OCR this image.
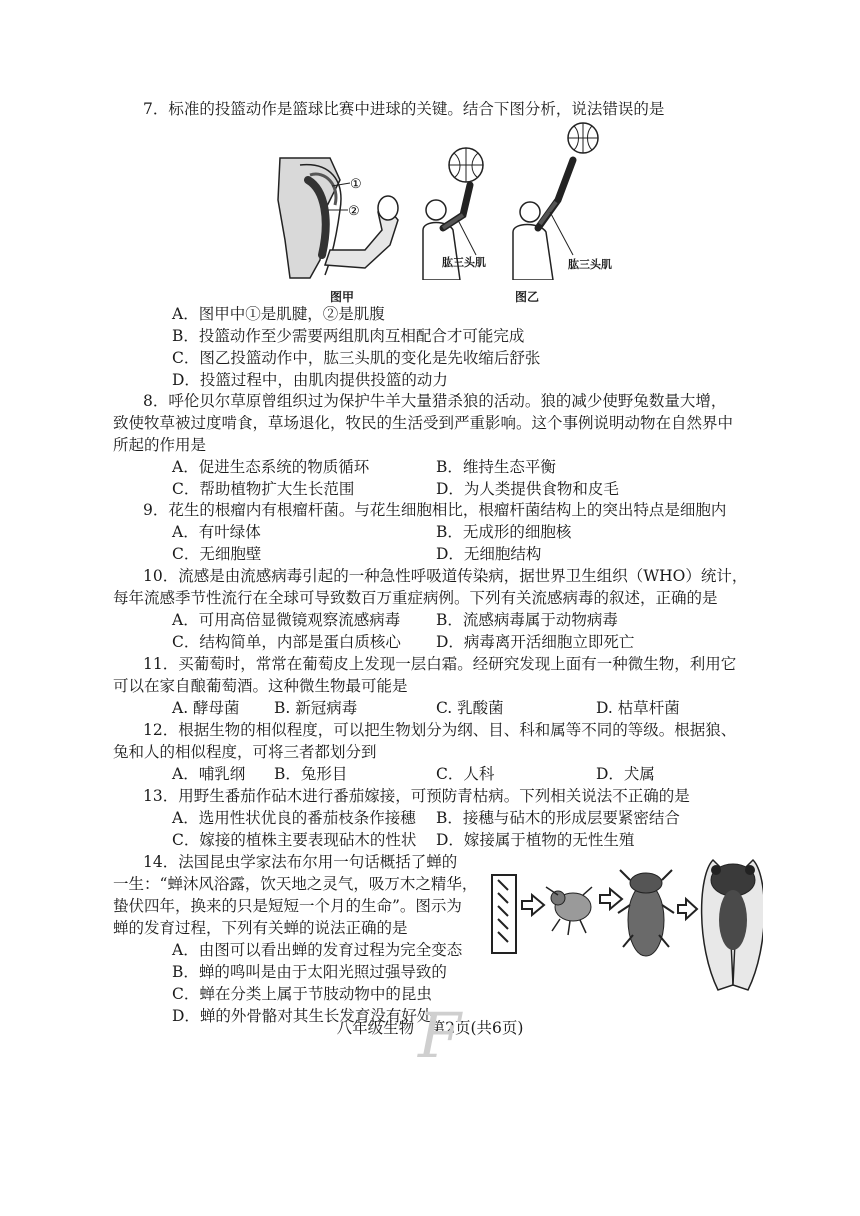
7．标准的投篮动作是篮球比赛中进球的关键。结合下图分析，说法错误的是
①
②
肱三头肌	肱三头肌
图甲	图乙
A．图甲中①是肌腱，②是肌腹
B．投篮动作至少需要两组肌肉互相配合才可能完成
C．图乙投篮动作中，肱三头肌的变化是先收缩后舒张
D．投篮过程中，由肌肉提供投篮的动力
8．呼伦贝尔草原曾组织过为保护牛羊大量猎杀狼的活动。狼的减少使野兔数量大增，
致使牧草被过度啃食，草场退化，牧民的生活受到严重影响。这个事例说明动物在自然界中
所起的作用是
A．促进生态系统的物质循环	B．维持生态平衡
C．帮助植物扩大生长范围	D．为人类提供食物和皮毛
9．花生的根瘤内有根瘤杆菌。与花生细胞相比，根瘤杆菌结构上的突出特点是细胞内
A．有叶绿体	B．无成形的细胞核
C．无细胞壁	D．无细胞结构
10．流感是由流感病毒引起的一种急性呼吸道传染病，据世界卫生组织（WHO）统计，
每年流感季节性流行在全球可导致数百万重症病例。下列有关流感病毒的叙述，正确的是
A．可用高倍显微镜观察流感病毒 B．流感病毒属于动物病毒
C．结构简单，内部是蛋白质核心 D．病毒离开活细胞立即死亡
11．买葡萄时，常常在葡萄皮上发现一层白霜。经研究发现上面有一种微生物，利用它
可以在家自酿葡萄酒。这种微生物最可能是
A. 酵母菌 B. 新冠病毒	C. 乳酸菌	D. 枯草杆菌
12．根据生物的相似程度，可以把生物划分为纲、目、科和属等不同的等级。根据狼、
兔和人的相似程度，可将三者都划分到
A．哺乳纲 B．兔形目	C．人科	D．犬属
13．用野生番茄作砧木进行番茄嫁接，可预防青枯病。下列相关说法不正确的是
A．选用性状优良的番茄枝条作接穗 B．接穗与砧木的形成层要紧密结合
C．嫁接的植株主要表现砧木的性状 D．嫁接属于植物的无性生殖
14．法国昆虫学家法布尔用一句话概括了蝉的
一生：“蝉沐风浴露，饮天地之灵气，吸万木之精华，
蛰伏四年，换来的只是短短一个月的生命”。图示为
蝉的发育过程，下列有关蝉的说法正确的是
A．由图可以看出蝉的发育过程为完全变态
B．蝉的鸣叫是由于太阳光照过强导致的
C．蝉在分类上属于节肢动物中的昆虫
D．蝉的外骨骼对其生长发育没有好处
八年级生物　第2页(共6页)
F
